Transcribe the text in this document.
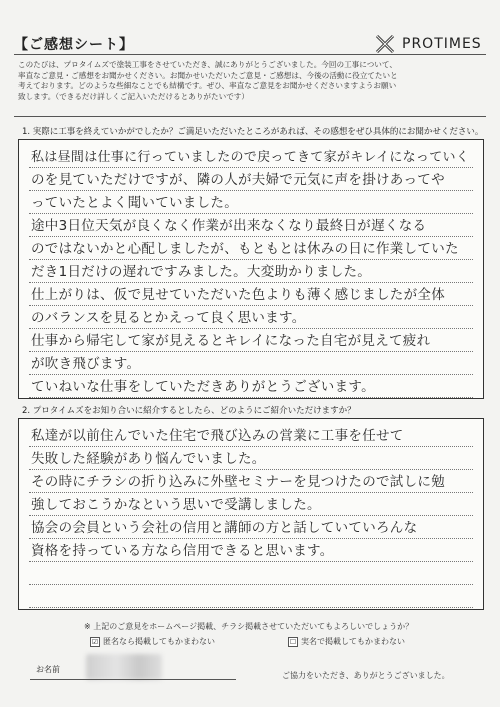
【ご感想シート】	PROTIMES
このたびは、プロタイムズで塗装工事をさせていただき、誠にありがとうございました。今回の工事について、
率直なご意見・ご感想をお聞かせください。お聞かせいただいたご意見・ご感想は、今後の活動に役立てたいと
考えております。どのような些細なことでも結構です。ぜひ、率直なご意見をお聞かせくださいますようお願い
致します。（できるだけ詳しくご記入いただけるとありがたいです）
1. 実際に工事を終えていかがでしたか？ご満足いただいたところがあれば、その感想をぜひ具体的にお聞かせください。
私は昼間は仕事に行っていましたので戻ってきて家がキレイになっていく
のを見ていただけですが、隣の人が夫婦で元気に声を掛けあってや
っていたとよく聞いていました。
途中3日位天気が良くなく作業が出来なくなり最終日が遅くなる
のではないかと心配しましたが、もともとは休みの日に作業していた
だき1日だけの遅れですみました。大変助かりました。
仕上がりは、仮で見せていただいた色よりも薄く感じましたが全体
のバランスを見るとかえって良く思います。
仕事から帰宅して家が見えるとキレイになった自宅が見えて疲れ
が吹き飛びます。
ていねいな仕事をしていただきありがとうございます。
2. プロタイムズをお知り合いに紹介するとしたら、どのようにご紹介いただけますか？
私達が以前住んでいた住宅で飛び込みの営業に工事を任せて
失敗した経験があり悩んでいました。
その時にチラシの折り込みに外壁セミナーを見つけたので試しに勉
強しておこうかなという思いで受講しました。
協会の会員という会社の信用と講師の方と話していていろんな
資格を持っている方なら信用できると思います。
※ 上記のご意見をホームページ掲載、チラシ掲載させていただいてもよろしいでしょうか？
☑ 匿名なら掲載してもかまわない	☐ 実名で掲載してもかまわない
お名前
ご協力をいただき、ありがとうございました。
